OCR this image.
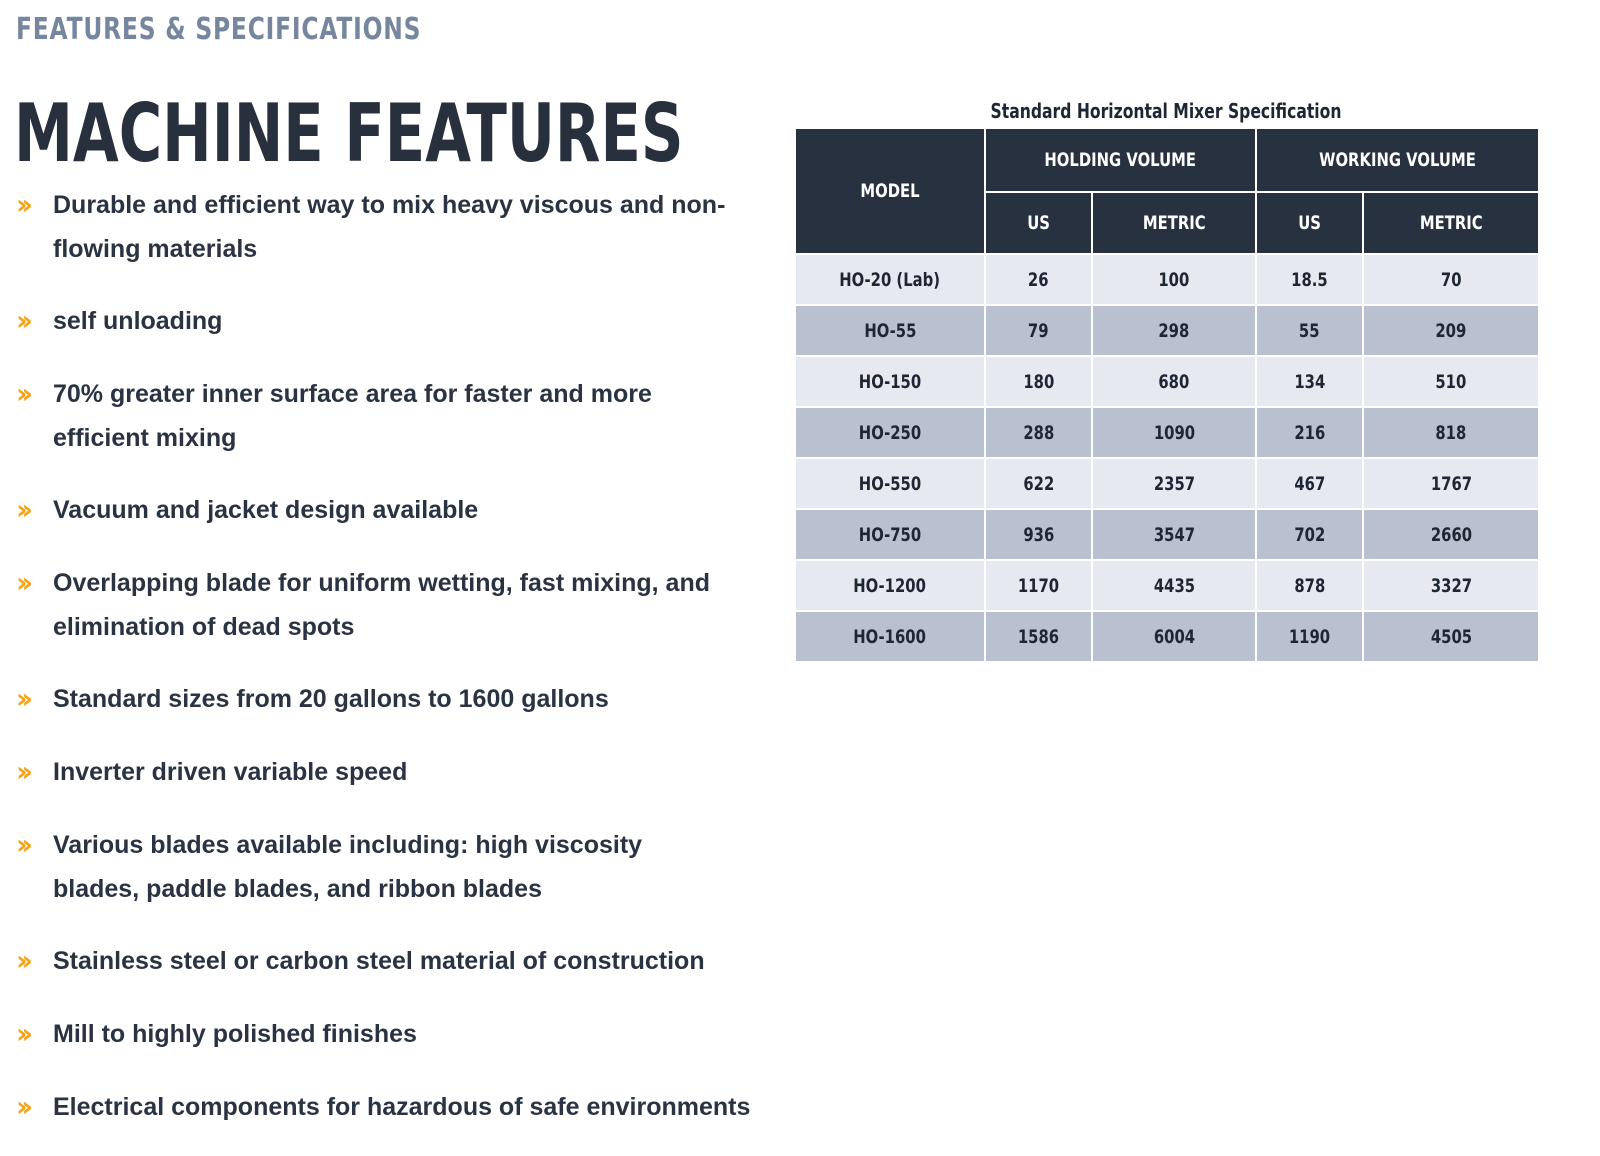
FEATURES & SPECIFICATIONS
MACHINE FEATURES
››	Durable and efficient way to mix heavy viscous and non-
flowing materials
››	self unloading
››	70% greater inner surface area for faster and more
efficient mixing
››	Vacuum and jacket design available
››	Overlapping blade for uniform wetting, fast mixing, and
elimination of dead spots
››	Standard sizes from 20 gallons to 1600 gallons
››	Inverter driven variable speed
››	Various blades available including: high viscosity
blades, paddle blades, and ribbon blades
››	Stainless steel or carbon steel material of construction
››	Mill to highly polished finishes
››	Electrical components for hazardous of safe environments
Standard Horizontal Mixer Specification
MODEL	HOLDING VOLUME		WORKING VOLUME	
	US	METRIC	US	METRIC
HO-20 (Lab)	26	100	18.5	70
HO-55	79	298	55	209
HO-150	180	680	134	510
HO-250	288	1090	216	818
HO-550	622	2357	467	1767
HO-750	936	3547	702	2660
HO-1200	1170	4435	878	3327
HO-1600	1586	6004	1190	4505
